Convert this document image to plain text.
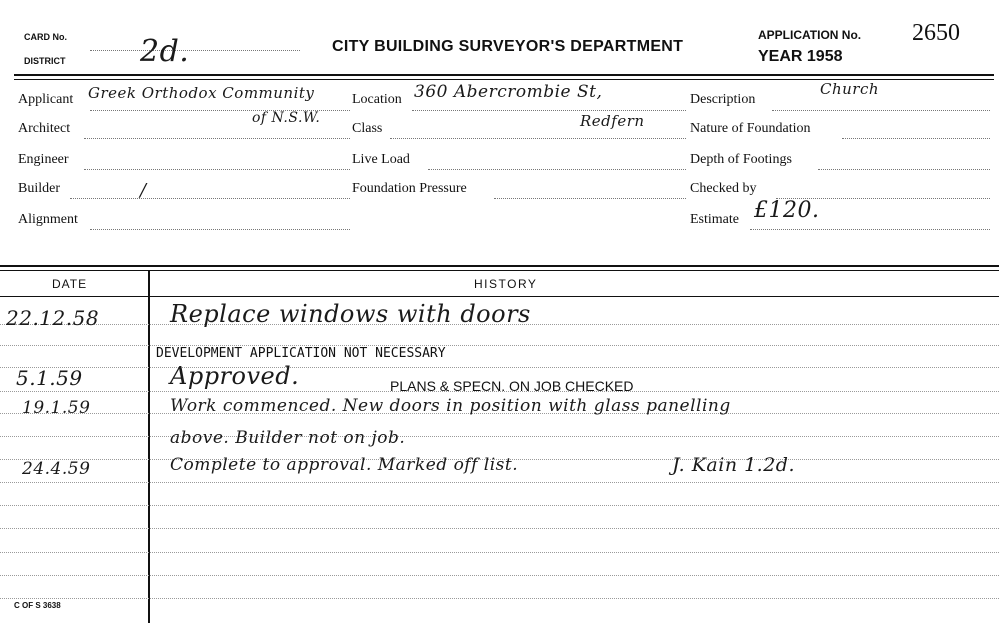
CARD No.
DISTRICT 2d.	CITY BUILDING SURVEYOR'S DEPARTMENT
APPLICATION No. 2650
YEAR 1958
Applicant Greek Orthodox Community
Architect
of N.S.W.
Engineer
Builder	/
Alignment
Location 360 Abercrombie St,
Class	Redfern
Live Load
Foundation Pressure
Description
Church
Nature of Foundation
Depth of Footings
Checked by
Estimate £120.
DATE	HISTORY
22.12.58	Replace windows with doors
DEVELOPMENT APPLICATION NOT NECESSARY
5.1.59	Approved.	PLANS & SPECN. ON JOB CHECKED
19.1.59	Work commenced. New doors in position with glass panelling
above. Builder not on job.
24.4.59	Complete to approval. Marked off list.	J. Kain 1.2d.
C OF S 3638
